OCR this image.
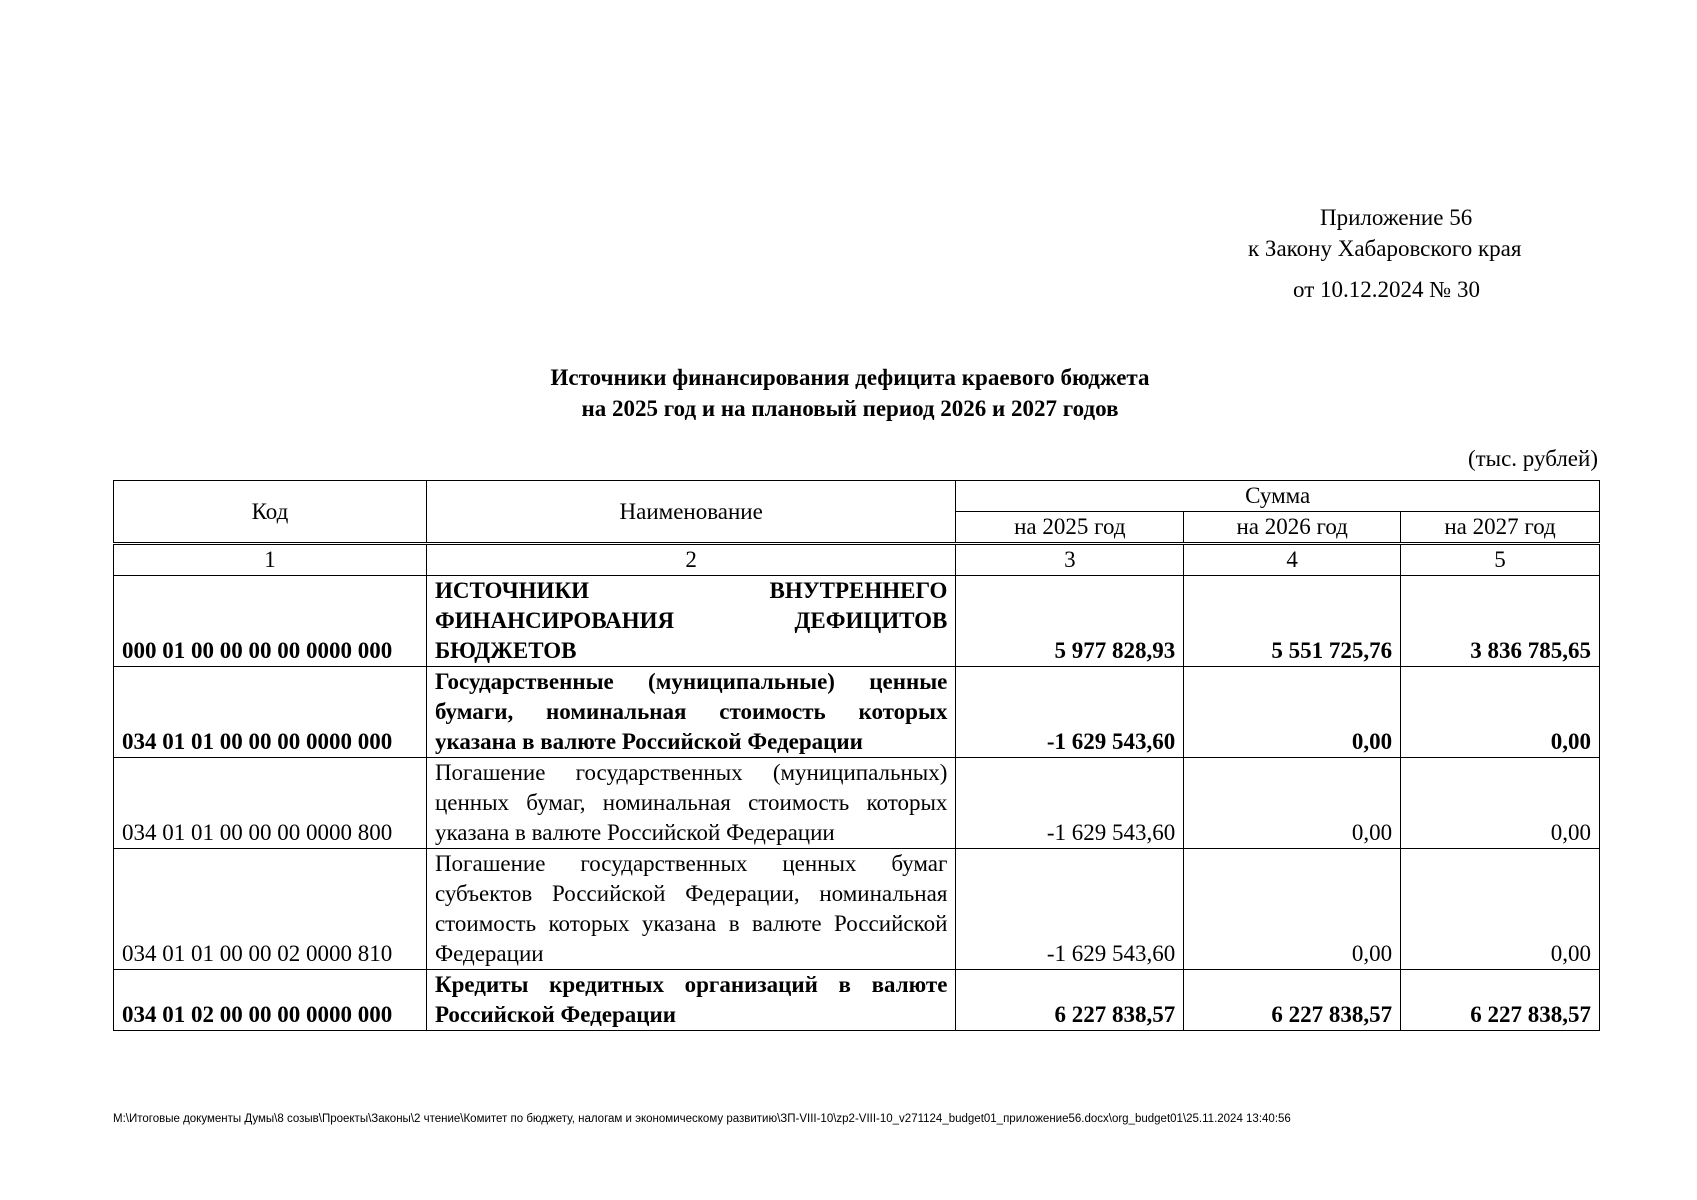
Приложение 56
к Закону Хабаровского края
от 10.12.2024 № 30
Источники финансирования дефицита краевого бюджета
на 2025 год и на плановый период 2026 и 2027 годов
(тыс. рублей)
Код	Наименование	Сумма		
		на 2025 год	на 2026 год	на 2027 год
1	2	3	4	5
000 01 00 00 00 00 0000 000	ИСТОЧНИКИ ВНУТРЕННЕГО ФИНАНСИРОВАНИЯ ДЕФИЦИТОВ БЮДЖЕТОВ	5 977 828,93	5 551 725,76	3 836 785,65
034 01 01 00 00 00 0000 000	Государственные (муниципальные) ценные бумаги, номинальная стоимость которых указана в валюте Российской Федерации	-1 629 543,60	0,00	0,00
034 01 01 00 00 00 0000 800	Погашение государственных (муниципальных) ценных бумаг, номинальная стоимость которых указана в валюте Российской Федерации	-1 629 543,60	0,00	0,00
034 01 01 00 00 02 0000 810	Погашение государственных ценных бумаг субъектов Российской Федерации, номинальная стоимость которых указана в валюте Российской Федерации	-1 629 543,60	0,00	0,00
034 01 02 00 00 00 0000 000	Кредиты кредитных организаций в валюте Российской Федерации	6 227 838,57	6 227 838,57	6 227 838,57
M:\Итоговые документы Думы\8 созыв\Проекты\Законы\2 чтение\Комитет по бюджету, налогам и экономическому развитию\ЗП-VIII-10\zp2-VIII-10_v271124_budget01_приложение56.docx\org_budget01\25.11.2024 13:40:56
